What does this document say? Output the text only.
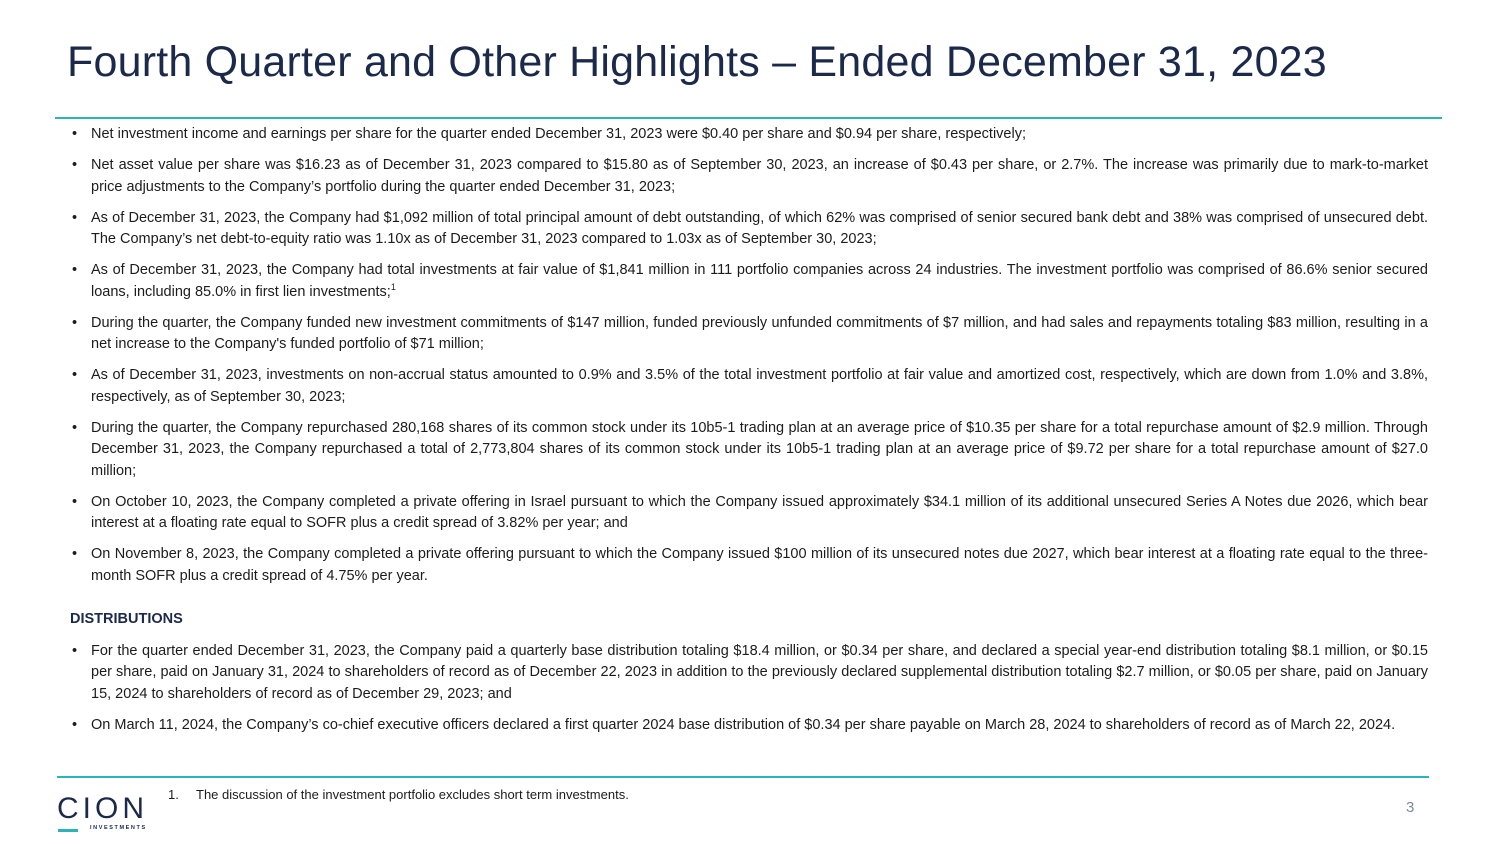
Fourth Quarter and Other Highlights – Ended December 31, 2023
• Net investment income and earnings per share for the quarter ended December 31, 2023 were $0.40 per share and $0.94 per share, respectively;
• Net asset value per share was $16.23 as of December 31, 2023 compared to $15.80 as of September 30, 2023, an increase of $0.43 per share, or 2.7%. The increase was primarily due to mark-to-market price adjustments to the Company’s portfolio during the quarter ended December 31, 2023;
• As of December 31, 2023, the Company had $1,092 million of total principal amount of debt outstanding, of which 62% was comprised of senior secured bank debt and 38% was comprised of unsecured debt. The Company’s net debt-to-equity ratio was 1.10x as of December 31, 2023 compared to 1.03x as of September 30, 2023;
• As of December 31, 2023, the Company had total investments at fair value of $1,841 million in 111 portfolio companies across 24 industries. The investment portfolio was comprised of 86.6% senior secured loans, including 85.0% in first lien investments;$^1$
• During the quarter, the Company funded new investment commitments of $147 million, funded previously unfunded commitments of $7 million, and had sales and repayments totaling $83 million, resulting in a net increase to the Company's funded portfolio of $71 million;
• As of December 31, 2023, investments on non-accrual status amounted to 0.9% and 3.5% of the total investment portfolio at fair value and amortized cost, respectively, which are down from 1.0% and 3.8%, respectively, as of September 30, 2023;
• During the quarter, the Company repurchased 280,168 shares of its common stock under its 10b5-1 trading plan at an average price of $10.35 per share for a total repurchase amount of $2.9 million. Through December 31, 2023, the Company repurchased a total of 2,773,804 shares of its common stock under its 10b5-1 trading plan at an average price of $9.72 per share for a total repurchase amount of $27.0 million;
• On October 10, 2023, the Company completed a private offering in Israel pursuant to which the Company issued approximately $34.1 million of its additional unsecured Series A Notes due 2026, which bear interest at a floating rate equal to SOFR plus a credit spread of 3.82% per year; and
• On November 8, 2023, the Company completed a private offering pursuant to which the Company issued $100 million of its unsecured notes due 2027, which bear interest at a floating rate equal to the three-month SOFR plus a credit spread of 4.75% per year.
DISTRIBUTIONS
• For the quarter ended December 31, 2023, the Company paid a quarterly base distribution totaling $18.4 million, or $0.34 per share, and declared a special year-end distribution totaling $8.1 million, or $0.15 per share, paid on January 31, 2024 to shareholders of record as of December 22, 2023 in addition to the previously declared supplemental distribution totaling $2.7 million, or $0.05 per share, paid on January 15, 2024 to shareholders of record as of December 29, 2023; and
• On March 11, 2024, the Company’s co-chief executive officers declared a first quarter 2024 base distribution of $0.34 per share payable on March 28, 2024 to shareholders of record as of March 22, 2024.
CION
INVESTMENTS
1. The discussion of the investment portfolio excludes short term investments.
3
